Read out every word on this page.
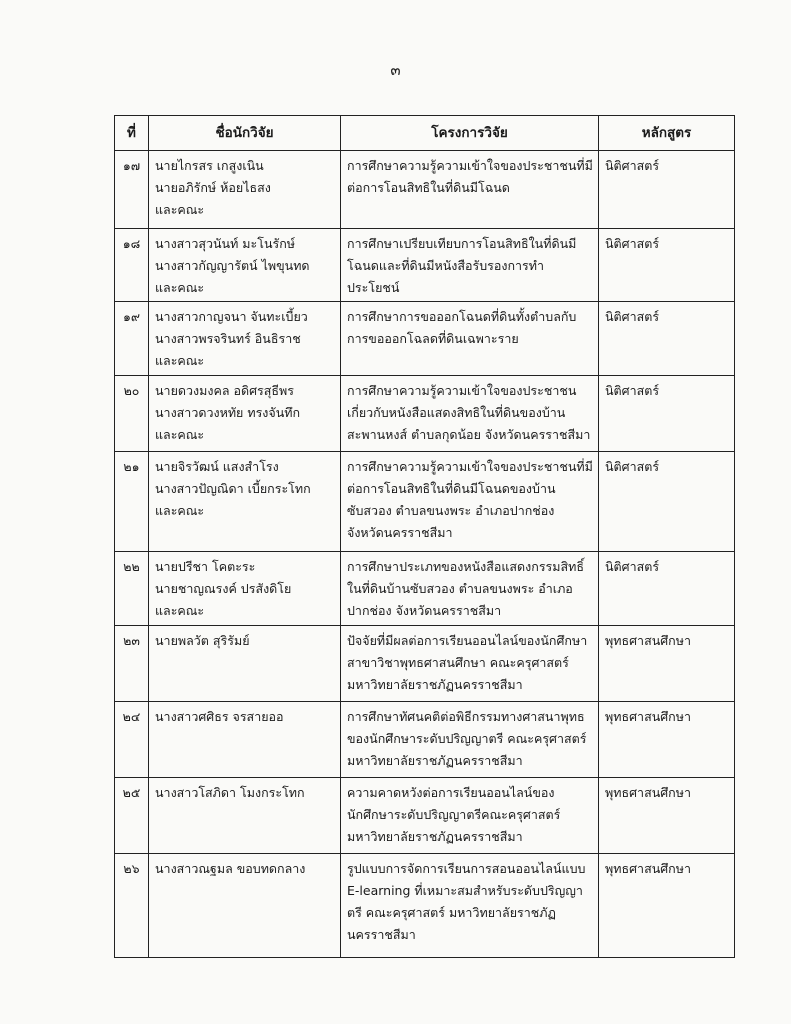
๓
ที่	ชื่อนักวิจัย	โครงการวิจัย	หลักสูตร
๑๗	นายไกรสร เกสูงเนิน
นายอภิรักษ์ ห้อยไธสง
และคณะ	การศึกษาความรู้ความเข้าใจของประชาชนที่มี
ต่อการโอนสิทธิในที่ดินมีโฉนด	นิติศาสตร์
๑๘	นางสาวสุวนันท์ มะโนรักษ์
นางสาวกัญญารัตน์ ไพขุนทด
และคณะ	การศึกษาเปรียบเทียบการโอนสิทธิในที่ดินมี
โฉนดและที่ดินมีหนังสือรับรองการทำ
ประโยชน์	นิติศาสตร์
๑๙	นางสาวกาญจนา จันทะเบี้ยว
นางสาวพรจรินทร์ อินธิราช
และคณะ	การศึกษาการขอออกโฉนดที่ดินทั้งตำบลกับ
การขอออกโฉลดที่ดินเฉพาะราย	นิติศาสตร์
๒๐	นายดวงมงคล อดิศรสุธีพร
นางสาวดวงหทัย ทรงจันทึก
และคณะ	การศึกษาความรู้ความเข้าใจของประชาชน
เกี่ยวกับหนังสือแสดงสิทธิในที่ดินของบ้าน
สะพานหงส์ ตำบลกุดน้อย จังหวัดนครราชสีมา	นิติศาสตร์
๒๑	นายจิรวัฒน์ แสงสำโรง
นางสาวปัญณิดา เบี้ยกระโทก
และคณะ	การศึกษาความรู้ความเข้าใจของประชาชนที่มี
ต่อการโอนสิทธิในที่ดินมีโฉนดของบ้าน
ซับสวอง ตำบลขนงพระ อำเภอปากช่อง
จังหวัดนครราชสีมา	นิติศาสตร์
๒๒	นายปรีชา โคตะระ
นายชาญณรงค์ ปรสังดิโย
และคณะ	การศึกษาประเภทของหนังสือแสดงกรรมสิทธิ์
ในที่ดินบ้านซับสวอง ตำบลขนงพระ อำเภอ
ปากช่อง จังหวัดนครราชสีมา	นิติศาสตร์
๒๓	นายพลวัต สุริรัมย์	ปัจจัยที่มีผลต่อการเรียนออนไลน์ของนักศึกษา
สาขาวิชาพุทธศาสนศึกษา คณะครุศาสตร์
มหาวิทยาลัยราชภัฏนครราชสีมา	พุทธศาสนศึกษา
๒๔	นางสาวศศิธร จรสายออ	การศึกษาทัศนคติต่อพิธีกรรมทางศาสนาพุทธ
ของนักศึกษาระดับปริญญาตรี คณะครุศาสตร์
มหาวิทยาลัยราชภัฏนครราชสีมา	พุทธศาสนศึกษา
๒๕	นางสาวโสภิดา โมงกระโทก	ความคาดหวังต่อการเรียนออนไลน์ของ
นักศึกษาระดับปริญญาตรีคณะครุศาสตร์
มหาวิทยาลัยราชภัฏนครราชสีมา	พุทธศาสนศึกษา
๒๖	นางสาวณฐมล ขอบทดกลาง	รูปแบบการจัดการเรียนการสอนออนไลน์แบบ
E-learning ที่เหมาะสมสำหรับระดับปริญญา
ตรี คณะครุศาสตร์ มหาวิทยาลัยราชภัฏ
นครราชสีมา	พุทธศาสนศึกษา
